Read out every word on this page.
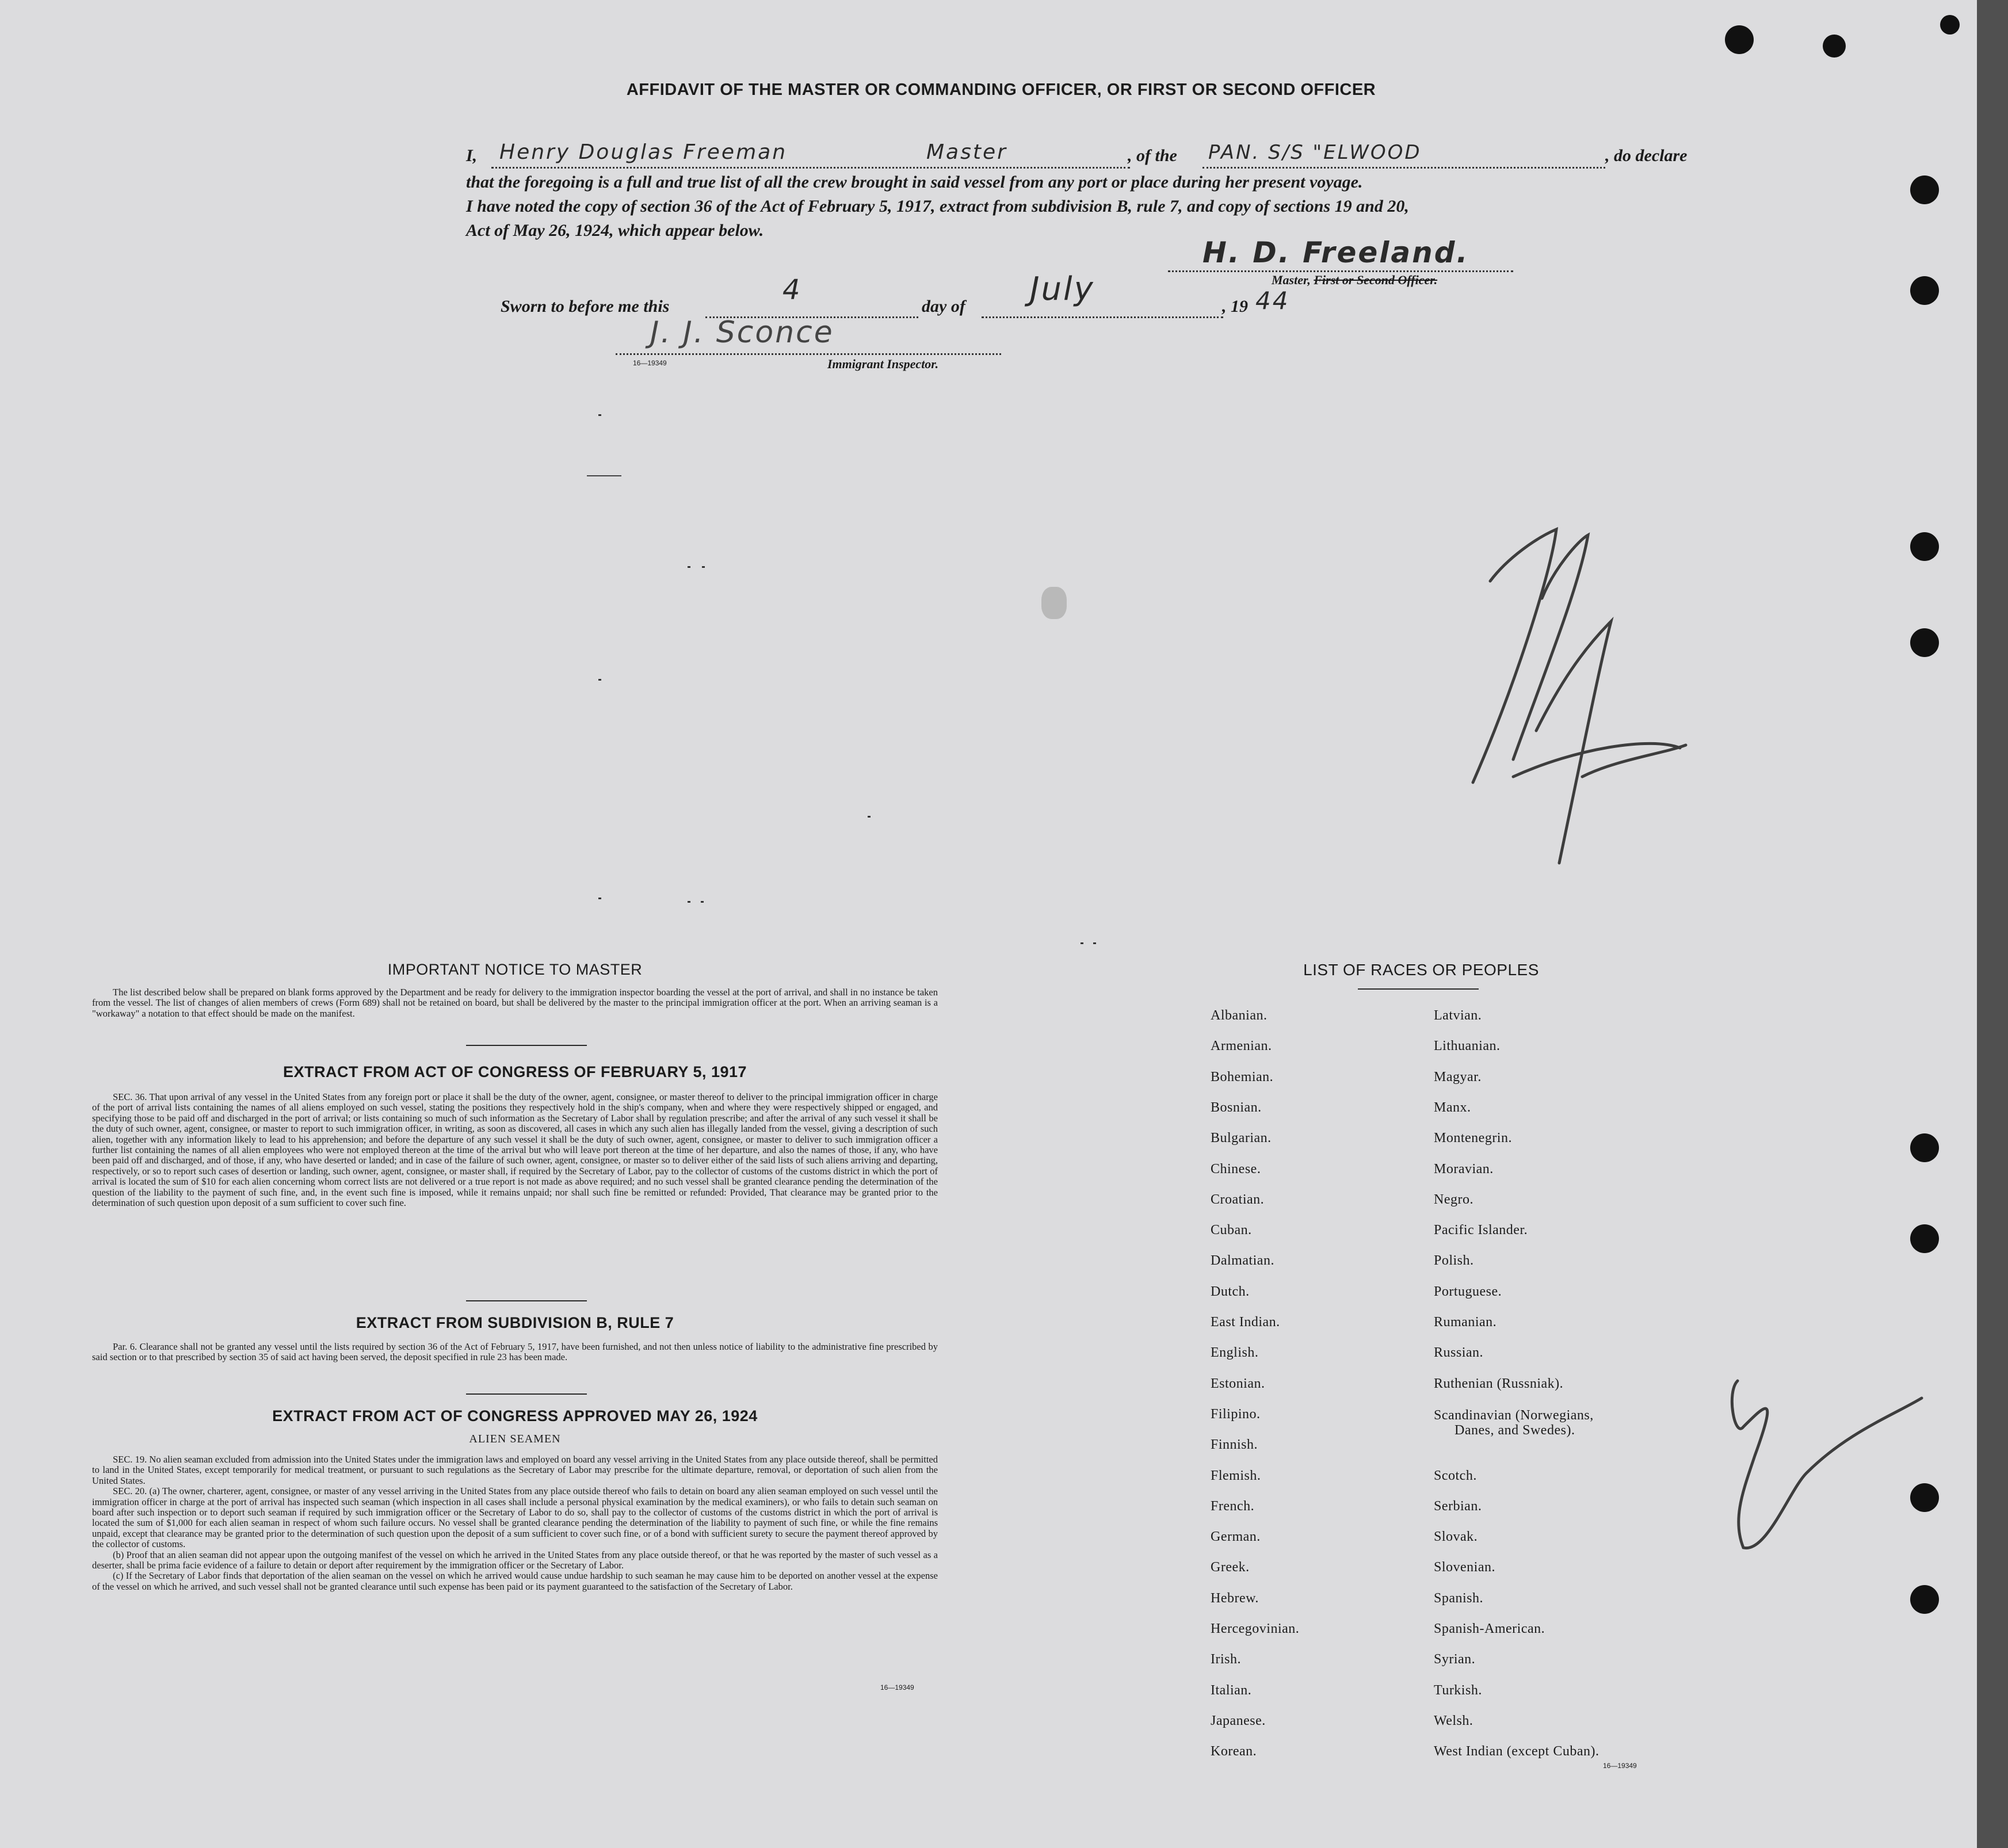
AFFIDAVIT OF THE MASTER OR COMMANDING OFFICER, OR FIRST OR SECOND OFFICER
I, Henry Douglas Freeman	Master	, of the PAN. S/S "ELWOOD	, do declare
that the foregoing is a full and true list of all the crew brought in said vessel from any port or place during her present voyage.
I have noted the copy of section 36 of the Act of February 5, 1917, extract from subdivision B, rule 7, and copy of sections 19 and 20,
Act of May 26, 1924, which appear below.
H. D. Freeland.
Master, First or Second Officer.
Sworn to before me this
4
day of July	, 19 44
J. J. Sconce
16—19349	Immigrant Inspector.
IMPORTANT NOTICE TO MASTER

The list described below shall be prepared on blank forms approved by the Department and be ready for delivery to the immigration inspector boarding the vessel at the port of arrival, and shall in no instance be taken from the vessel. The list of changes of alien members of crews (Form 689) shall not be retained on board, but shall be delivered by the master to the principal immigration officer at the port. When an arriving seaman is a "workaway" a notation to that effect should be made on the manifest.

EXTRACT FROM ACT OF CONGRESS OF FEBRUARY 5, 1917

SEC. 36. That upon arrival of any vessel in the United States from any foreign port or place it shall be the duty of the owner, agent, consignee, or master thereof to deliver to the principal immigration officer in charge of the port of arrival lists containing the names of all aliens employed on such vessel, stating the positions they respectively hold in the ship's company, when and where they were respectively shipped or engaged, and specifying those to be paid off and discharged in the port of arrival; or lists containing so much of such information as the Secretary of Labor shall by regulation prescribe; and after the arrival of any such vessel it shall be the duty of such owner, agent, consignee, or master to report to such immigration officer, in writing, as soon as discovered, all cases in which any such alien has illegally landed from the vessel, giving a description of such alien, together with any information likely to lead to his apprehension; and before the departure of any such vessel it shall be the duty of such owner, agent, consignee, or master to deliver to such immigration officer a further list containing the names of all alien employees who were not employed thereon at the time of the arrival but who will leave port thereon at the time of her departure, and also the names of those, if any, who have been paid off and discharged, and of those, if any, who have deserted or landed; and in case of the failure of such owner, agent, consignee, or master so to deliver either of the said lists of such aliens arriving and departing, respectively, or so to report such cases of desertion or landing, such owner, agent, consignee, or master shall, if required by the Secretary of Labor, pay to the collector of customs of the customs district in which the port of arrival is located the sum of $10 for each alien concerning whom correct lists are not delivered or a true report is not made as above required; and no such vessel shall be granted clearance pending the determination of the question of the liability to the payment of such fine, and, in the event such fine is imposed, while it remains unpaid; nor shall such fine be remitted or refunded: Provided, That clearance may be granted prior to the determination of such question upon deposit of a sum sufficient to cover such fine.

EXTRACT FROM SUBDIVISION B, RULE 7

Par. 6. Clearance shall not be granted any vessel until the lists required by section 36 of the Act of February 5, 1917, have been furnished, and not then unless notice of liability to the administrative fine prescribed by said section or to that prescribed by section 35 of said act having been served, the deposit specified in rule 23 has been made.

EXTRACT FROM ACT OF CONGRESS APPROVED MAY 26, 1924
ALIEN SEAMEN

SEC. 19. No alien seaman excluded from admission into the United States under the immigration laws and employed on board any vessel arriving in the United States from any place outside thereof, shall be permitted to land in the United States, except temporarily for medical treatment, or pursuant to such regulations as the Secretary of Labor may prescribe for the ultimate departure, removal, or deportation of such alien from the United States.

SEC. 20. (a) The owner, charterer, agent, consignee, or master of any vessel arriving in the United States from any place outside thereof who fails to detain on board any alien seaman employed on such vessel until the immigration officer in charge at the port of arrival has inspected such seaman (which inspection in all cases shall include a personal physical examination by the medical examiners), or who fails to detain such seaman on board after such inspection or to deport such seaman if required by such immigration officer or the Secretary of Labor to do so, shall pay to the collector of customs of the customs district in which the port of arrival is located the sum of $1,000 for each alien seaman in respect of whom such failure occurs. No vessel shall be granted clearance pending the determination of the liability to payment of such fine, or while the fine remains unpaid, except that clearance may be granted prior to the determination of such question upon the deposit of a sum sufficient to cover such fine, or of a bond with sufficient surety to secure the payment thereof approved by the collector of customs.

(b) Proof that an alien seaman did not appear upon the outgoing manifest of the vessel on which he arrived in the United States from any place outside thereof, or that he was reported by the master of such vessel as a deserter, shall be prima facie evidence of a failure to detain or deport after requirement by the immigration officer or the Secretary of Labor.

(c) If the Secretary of Labor finds that deportation of the alien seaman on the vessel on which he arrived would cause undue hardship to such seaman he may cause him to be deported on another vessel at the expense of the vessel on which he arrived, and such vessel shall not be granted clearance until such expense has been paid or its payment guaranteed to the satisfaction of the Secretary of Labor.

16—19349
LIST OF RACES OR PEOPLES
Albanian.
Armenian.
Bohemian.
Bosnian.
Bulgarian.
Chinese.
Croatian.
Cuban.
Dalmatian.
Dutch.
East Indian.
English.
Estonian.
Filipino.
Finnish.
Flemish.
French.
German.
Greek.
Hebrew.
Hercegovinian.
Irish.
Italian.
Japanese.
Korean.
Latvian.
Lithuanian.
Magyar.
Manx.
Montenegrin.
Moravian.
Negro.
Pacific Islander.
Polish.
Portuguese.
Rumanian.
Russian.
Ruthenian (Russniak).
Scandinavian (Norwegians,
Danes, and Swedes).
Scotch.
Serbian.
Slovak.
Slovenian.
Spanish.
Spanish-American.
Syrian.
Turkish.
Welsh.
West Indian (except Cuban).
16—19349
